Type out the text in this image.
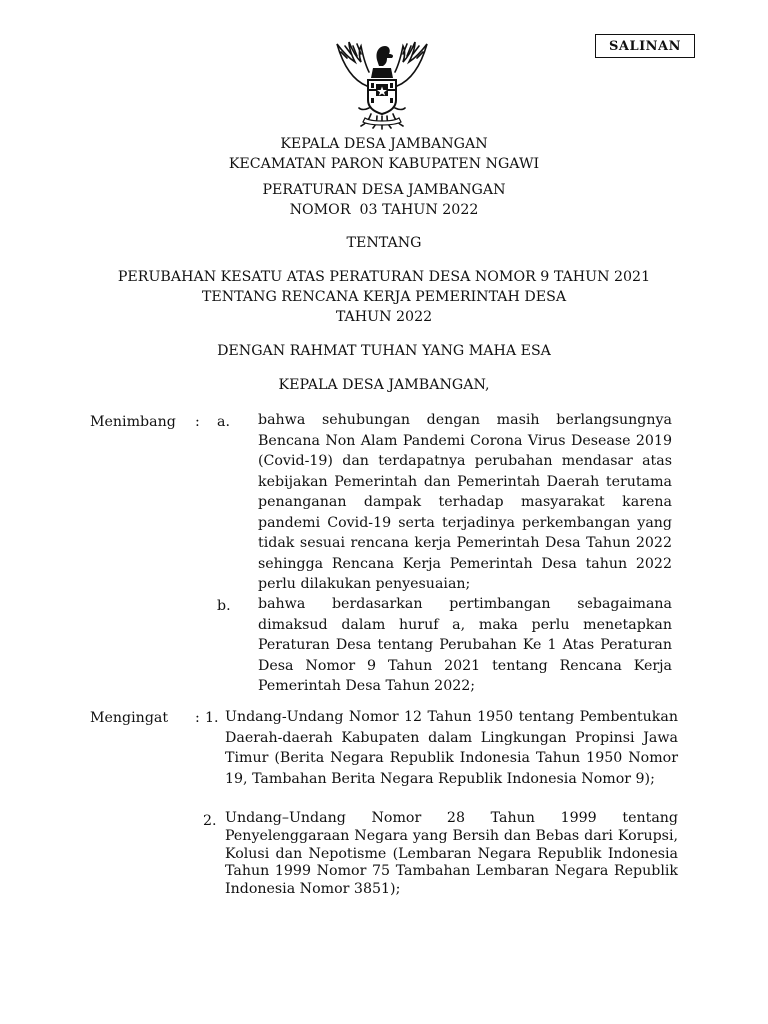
SALINAN
KEPALA DESA JAMBANGAN
KECAMATAN PARON KABUPATEN NGAWI
PERATURAN DESA JAMBANGAN
NOMOR  03 TAHUN 2022
TENTANG
PERUBAHAN KESATU ATAS PERATURAN DESA NOMOR 9 TAHUN 2021
TENTANG RENCANA KERJA PEMERINTAH DESA
TAHUN 2022
DENGAN RAHMAT TUHAN YANG MAHA ESA
KEPALA DESA JAMBANGAN,
Menimbang : a. bahwa sehubungan dengan masih berlangsungnya Bencana Non Alam Pandemi Corona Virus Desease 2019 (Covid-19) dan terdapatnya perubahan mendasar atas kebijakan Pemerintah dan Pemerintah Daerah terutama penanganan dampak terhadap masyarakat karena pandemi Covid-19 serta terjadinya perkembangan yang tidak sesuai rencana kerja Pemerintah Desa Tahun 2022 sehingga Rencana Kerja Pemerintah Desa tahun 2022 perlu dilakukan penyesuaian;

b. bahwa berdasarkan pertimbangan sebagaimana dimaksud dalam huruf a, maka perlu menetapkan Peraturan Desa tentang Perubahan Ke 1 Atas Peraturan Desa Nomor 9 Tahun 2021 tentang Rencana Kerja Pemerintah Desa Tahun 2022;

Mengingat : 1. Undang-Undang Nomor 12 Tahun 1950 tentang Pembentukan Daerah-daerah Kabupaten dalam Lingkungan Propinsi Jawa Timur (Berita Negara Republik Indonesia Tahun 1950 Nomor 19, Tambahan Berita Negara Republik Indonesia Nomor 9);

2. Undang–Undang Nomor 28 Tahun 1999 tentang Penyelenggaraan Negara yang Bersih dan Bebas dari Korupsi, Kolusi dan Nepotisme (Lembaran Negara Republik Indonesia Tahun 1999 Nomor 75 Tambahan Lembaran Negara Republik Indonesia Nomor 3851);
